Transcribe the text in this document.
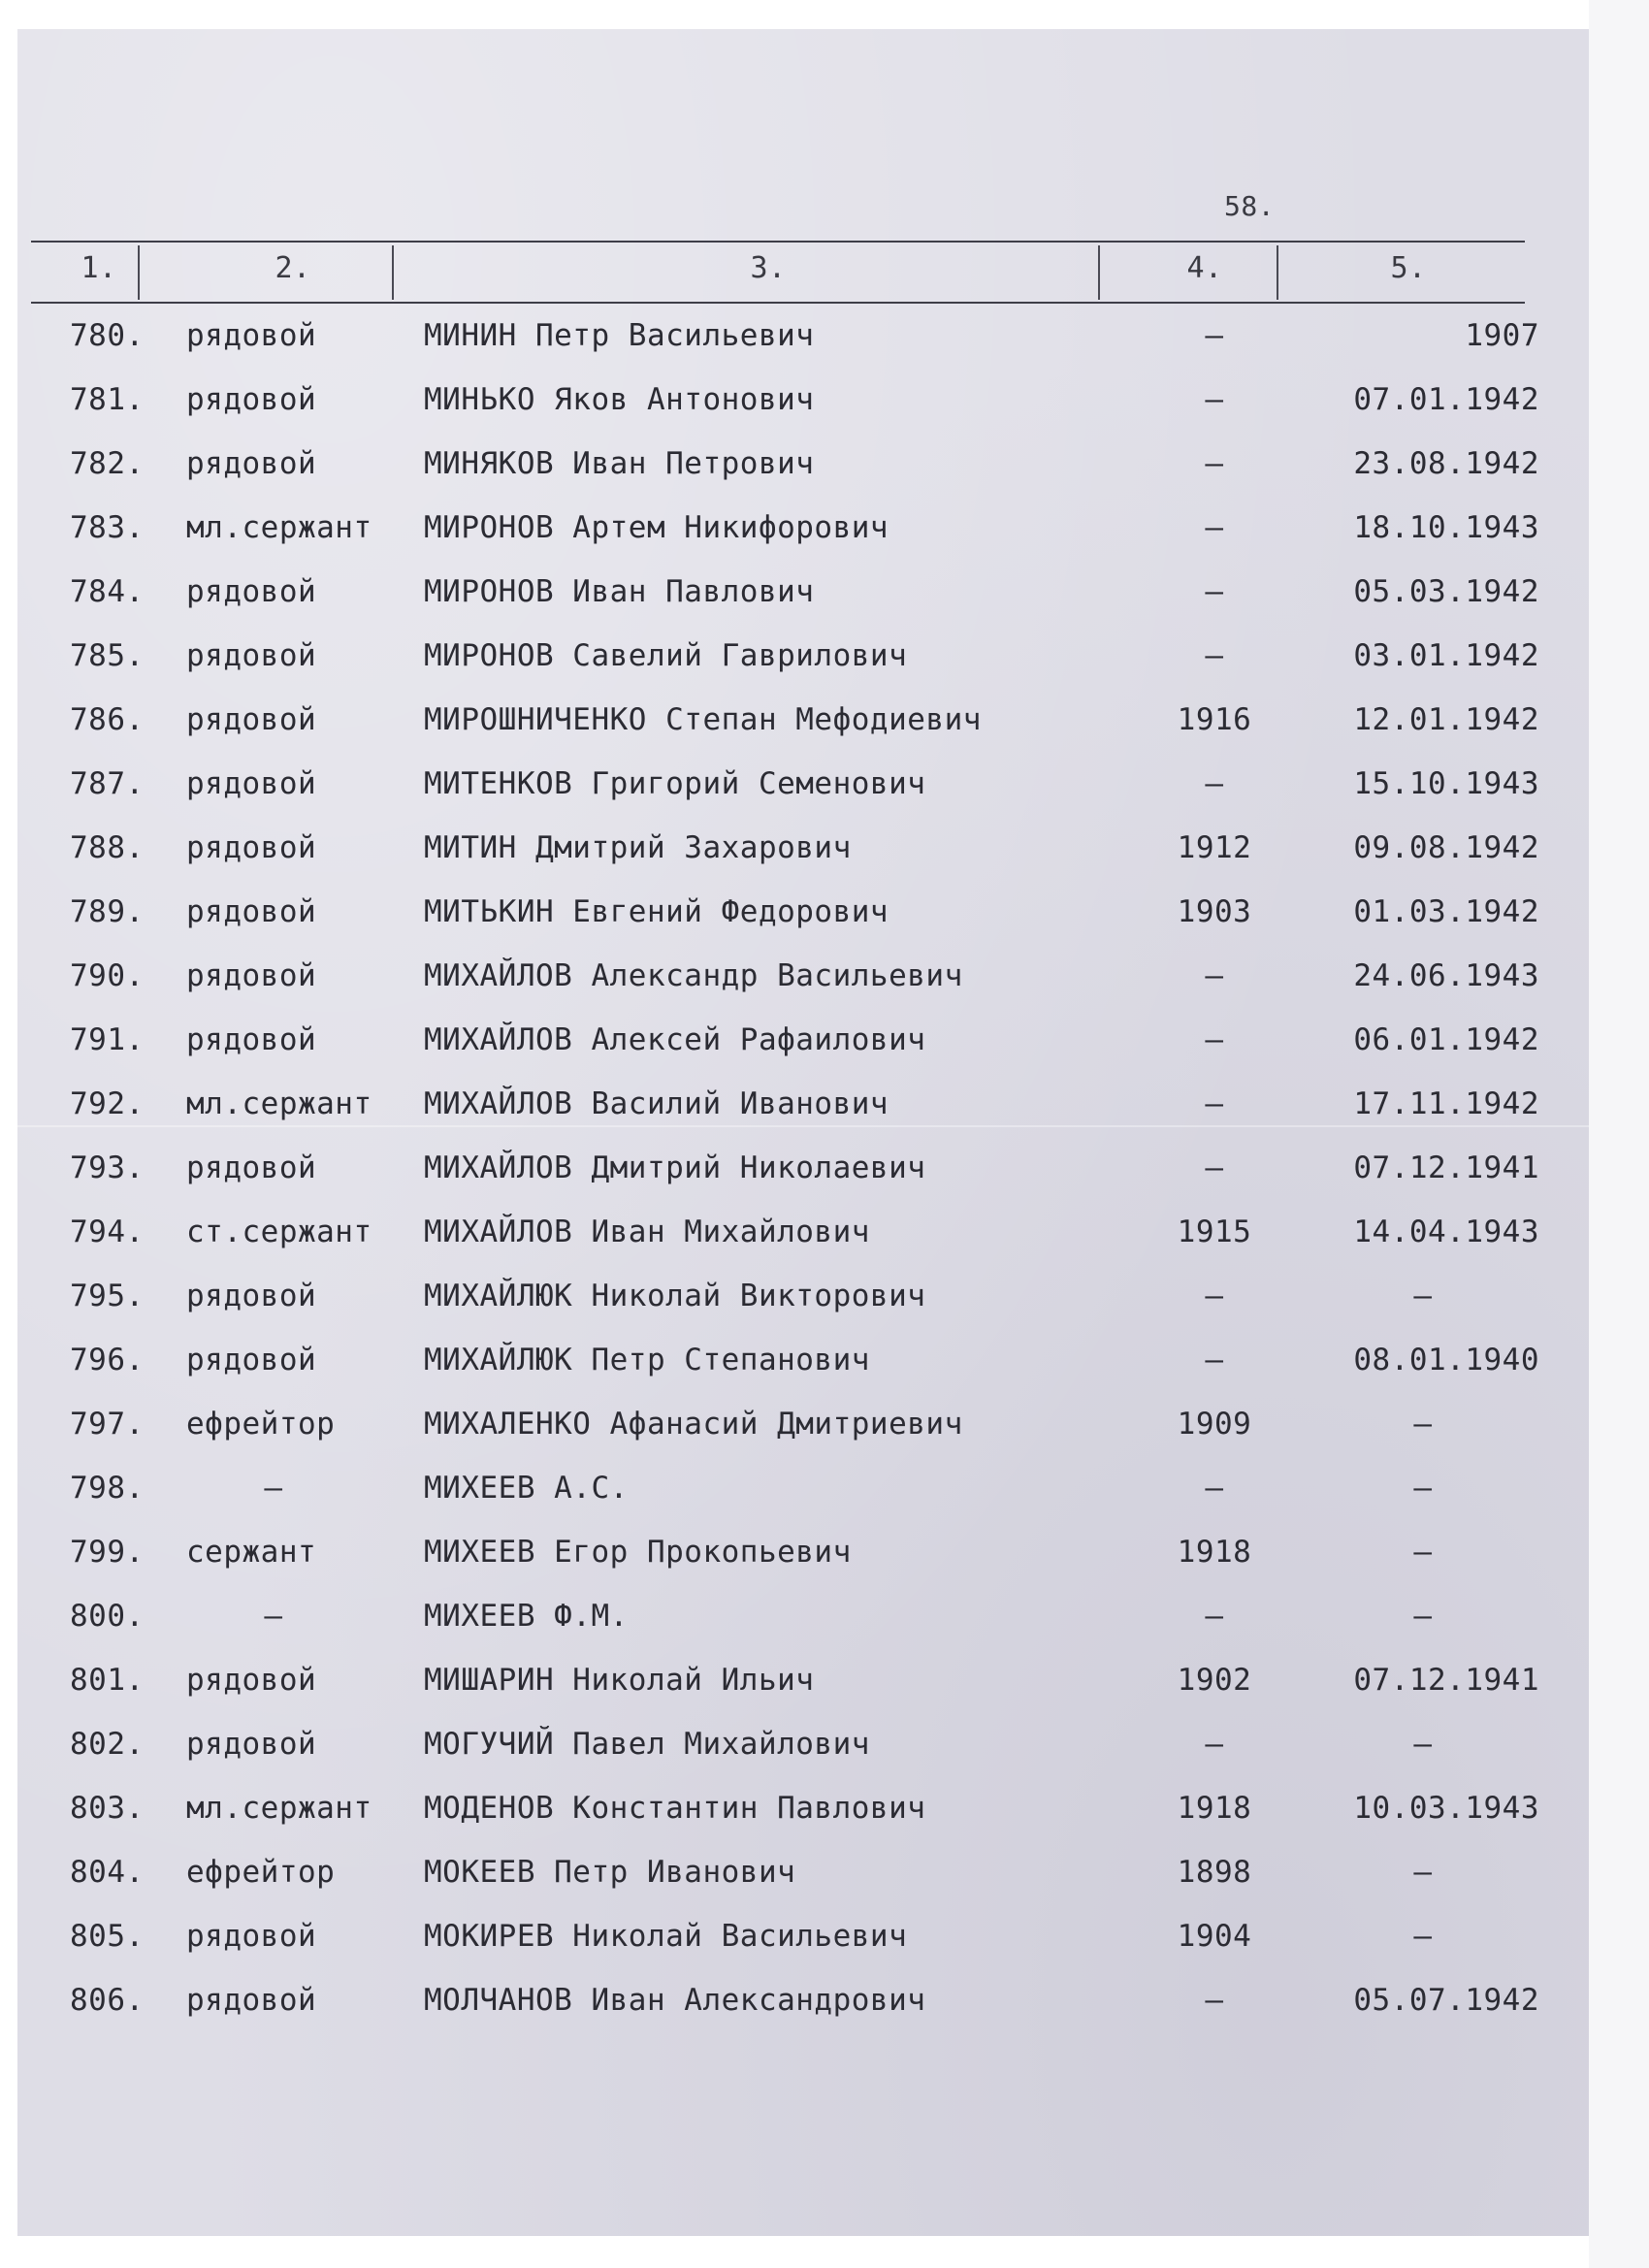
58.
1.	2.	3.	4.	5.
780.	рядовой	МИНИН Петр Васильевич	–	1907
781.	рядовой	МИНЬКО Яков Антонович	–	07.01.1942
782.	рядовой	МИНЯКОВ Иван Петрович	–	23.08.1942
783.	мл.сержант	МИРОНОВ Артем Никифорович	–	18.10.1943
784.	рядовой	МИРОНОВ Иван Павлович	–	05.03.1942
785.	рядовой	МИРОНОВ Савелий Гаврилович	–	03.01.1942
786.	рядовой	МИРОШНИЧЕНКО Степан Мефодиевич	1916	12.01.1942
787.	рядовой	МИТЕНКОВ Григорий Семенович	–	15.10.1943
788.	рядовой	МИТИН Дмитрий Захарович	1912	09.08.1942
789.	рядовой	МИТЬКИН Евгений Федорович	1903	01.03.1942
790.	рядовой	МИХАЙЛОВ Александр Васильевич	–	24.06.1943
791.	рядовой	МИХАЙЛОВ Алексей Рафаилович	–	06.01.1942
792.	мл.сержант	МИХАЙЛОВ Василий Иванович	–	17.11.1942
793.	рядовой	МИХАЙЛОВ Дмитрий Николаевич	–	07.12.1941
794.	ст.сержант	МИХАЙЛОВ Иван Михайлович	1915	14.04.1943
795.	рядовой	МИХАЙЛЮК Николай Викторович	–	–
796.	рядовой	МИХАЙЛЮК Петр Степанович	–	08.01.1940
797.	ефрейтор	МИХАЛЕНКО Афанасий Дмитриевич	1909	–
798.	–	МИХЕЕВ А.С.	–	–
799.	сержант	МИХЕЕВ Егор Прокопьевич	1918	–
800.	–	МИХЕЕВ Ф.М.	–	–
801.	рядовой	МИШАРИН Николай Ильич	1902	07.12.1941
802.	рядовой	МОГУЧИЙ Павел Михайлович	–	–
803.	мл.сержант	МОДЕНОВ Константин Павлович	1918	10.03.1943
804.	ефрейтор	МОКЕЕВ Петр Иванович	1898	–
805.	рядовой	МОКИРЕВ Николай Васильевич	1904	–
806.	рядовой	МОЛЧАНОВ Иван Александрович	–	05.07.1942
